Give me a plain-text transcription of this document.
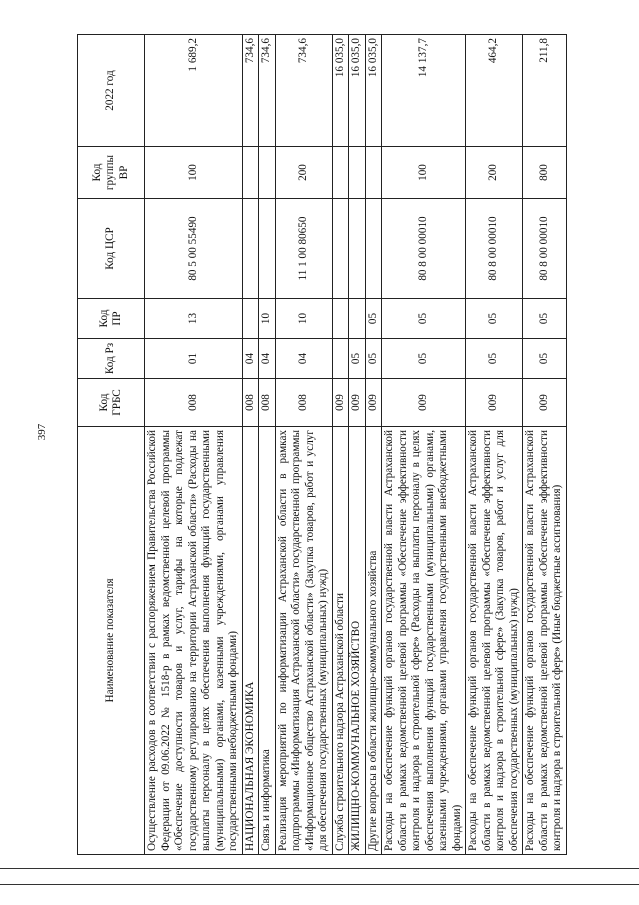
397
Наименование показателя	Код ГРБС	Код Рз	Код ПР	Код ЦСР	Код группы ВР	2022 год
Осуществление расходов в соответствии с распоряжением Правительства Российской Федерации от 09.06.2022 № 1518-р в рамках ведомственной целевой программы «Обеспечение доступности товаров и услуг, тарифы на которые подлежат государственному регулированию на территории Астраханской области» (Расходы на выплаты персоналу в целях обеспечения выполнения функций государственными (муниципальными) органами, казенными учреждениями, органами управления государственными внебюджетными фондами)	008	01	13	80 5 00 55490	100	1 689,2
НАЦИОНАЛЬНАЯ ЭКОНОМИКА	008	04				734,6
Связь и информатика	008	04	10			734,6
Реализация мероприятий по информатизации Астраханской области в рамках подпрограммы «Информатизация Астраханской области» государственной программы «Информационное общество Астраханской области» (Закупка товаров, работ и услуг для обеспечения государственных (муниципальных) нужд)	008	04	10	11 1 00 80650	200	734,6
Служба строительного надзора Астраханской области	009					16 035,0
ЖИЛИЩНО-КОММУНАЛЬНОЕ ХОЗЯЙСТВО	009	05				16 035,0
Другие вопросы в области жилищно-коммунального хозяйства	009	05	05			16 035,0
Расходы на обеспечение функций органов государственной власти Астраханской области в рамках ведомственной целевой программы «Обеспечение эффективности контроля и надзора в строительной сфере» (Расходы на выплаты персоналу в целях обеспечения выполнения функций государственными (муниципальными) органами, казенными учреждениями, органами управления государственными внебюджетными фондами)	009	05	05	80 8 00 00010	100	14 137,7
Расходы на обеспечение функций органов государственной власти Астраханской области в рамках ведомственной целевой программы «Обеспечение эффективности контроля и надзора в строительной сфере» (Закупка товаров, работ и услуг для обеспечения государственных (муниципальных) нужд)	009	05	05	80 8 00 00010	200	464,2
Расходы на обеспечение функций органов государственной власти Астраханской области в рамках ведомственной целевой программы «Обеспечение эффективности контроля и надзора в строительной сфере» (Иные бюджетные ассигнования)	009	05	05	80 8 00 00010	800	211,8
